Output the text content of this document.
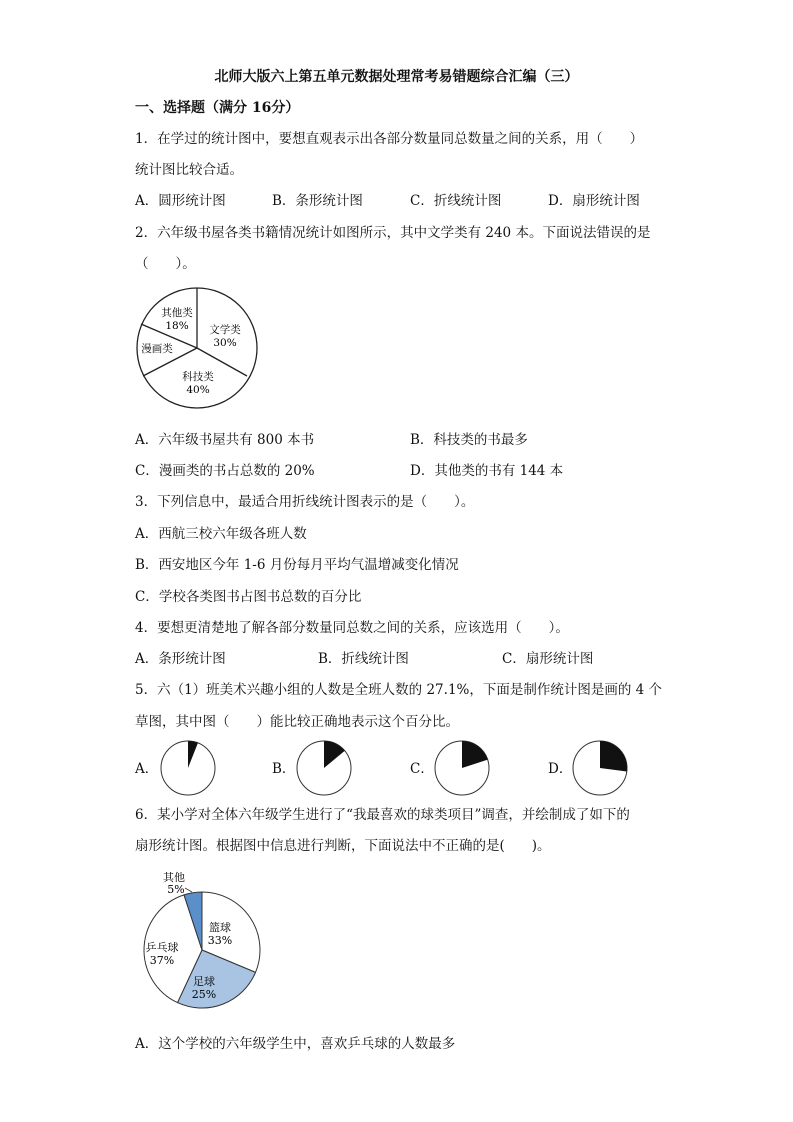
北师大版六上第五单元数据处理常考易错题综合汇编（三）
一、选择题（满分 16分）
1．在学过的统计图中，要想直观表示出各部分数量同总数量之间的关系，用（　　）
统计图比较合适。
A．圆形统计图	B．条形统计图	C．折线统计图	D．扇形统计图
2．六年级书屋各类书籍情况统计如图所示，其中文学类有 240 本。下面说法错误的是
（　　）。
其他类
18% 文学类
30%
漫画类
科技类
40%
A．六年级书屋共有 800 本书	B．科技类的书最多
C．漫画类的书占总数的 20%	D．其他类的书有 144 本
3．下列信息中，最适合用折线统计图表示的是（　　）。
A．西航三校六年级各班人数
B．西安地区今年 1-6 月份每月平均气温增减变化情况
C．学校各类图书占图书总数的百分比
4．要想更清楚地了解各部分数量同总数之间的关系，应该选用（　　）。
A．条形统计图	B．折线统计图	C．扇形统计图
5．六（1）班美术兴趣小组的人数是全班人数的 27.1%，下面是制作统计图是画的 4 个
草图，其中图（　　）能比较正确地表示这个百分比。
A．	B．	C．	D．
6．某小学对全体六年级学生进行了“我最喜欢的球类项目”调查，并绘制成了如下的
扇形统计图。根据图中信息进行判断，下面说法中不正确的是(　　)。
其他
5%
篮球
33%
乒乓球
37%
足球
25%
A．这个学校的六年级学生中，喜欢乒乓球的人数最多
